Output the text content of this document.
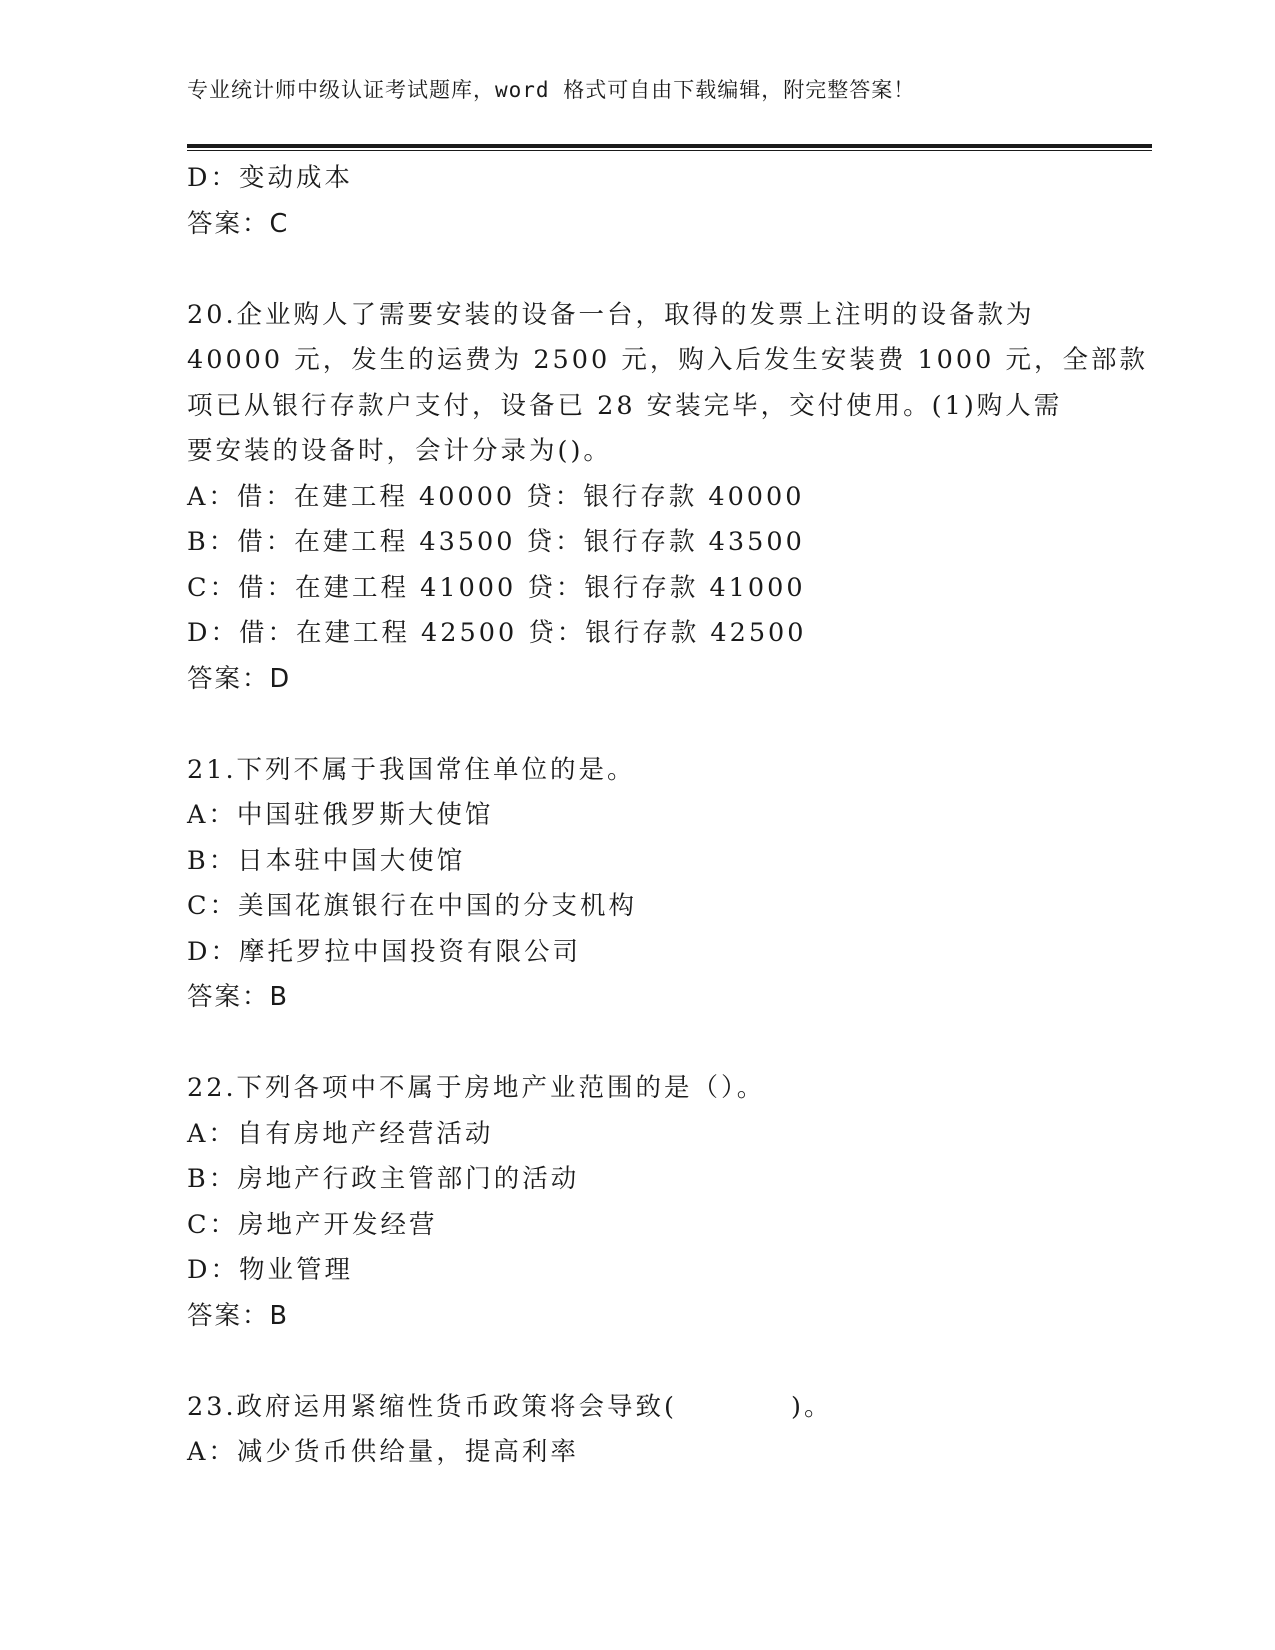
专业统计师中级认证考试题库，word 格式可自由下载编辑，附完整答案！
D：变动成本
答案：C
20.企业购人了需要安装的设备一台，取得的发票上注明的设备款为
40000 元，发生的运费为 2500 元，购入后发生安装费 1000 元，全部款
项已从银行存款户支付，设备已 28 安装完毕，交付使用。(1)购人需
要安装的设备时，会计分录为()。
A：借：在建工程 40000 贷：银行存款 40000
B：借：在建工程 43500 贷：银行存款 43500
C：借：在建工程 41000 贷：银行存款 41000
D：借：在建工程 42500 贷：银行存款 42500
答案：D
21.下列不属于我国常住单位的是。
A：中国驻俄罗斯大使馆
B：日本驻中国大使馆
C：美国花旗银行在中国的分支机构
D：摩托罗拉中国投资有限公司
答案：B
22.下列各项中不属于房地产业范围的是（）。
A：自有房地产经营活动
B：房地产行政主管部门的活动
C：房地产开发经营
D：物业管理
答案：B
23.政府运用紧缩性货币政策将会导致(　　　　)。
A：减少货币供给量，提高利率
